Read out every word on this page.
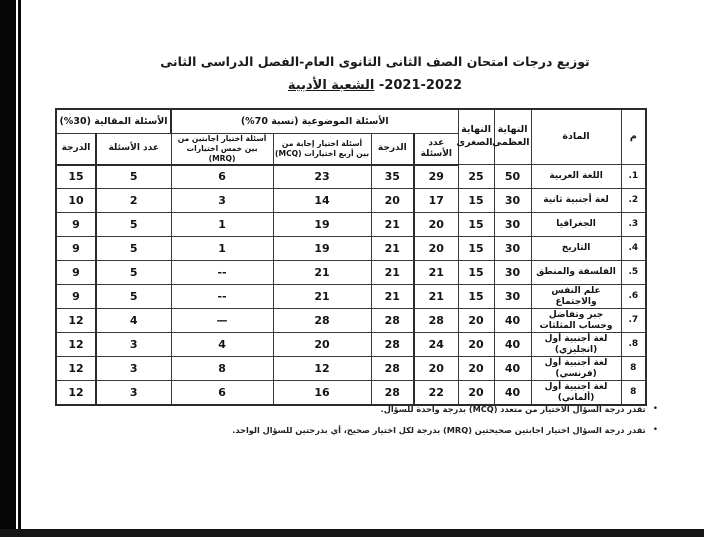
توزيع درجات امتحان الصف الثانى الثانوى العام-الفصل الدراسى الثانى
2021-2022- الشعبة الأدبية
م	المادة	النهاية العظمى	النهاية الصغرى	الأسئلة الموضوعية (نسبة 70%)				الأسئلة المقالية (30%)	
				عدد الأسئلة	الدرجة	أسئلة اختيار إجابة من بين أربع اختيارات (MCQ)	أسئلة اختيار اجابتين من بين خمس اختيارات (MRQ)	عدد الأسئلة	الدرجة
.1	اللغة العربية	50	25	29	35	23	6	5	15
.2	لغة أجنبية ثانية	30	15	17	20	14	3	2	10
.3	الجغرافيا	30	15	20	21	19	1	5	9
.4	التاريخ	30	15	20	21	19	1	5	9
.5	الفلسفة والمنطق	30	15	21	21	21	--	5	9
.6	علم النفس والاجتماع	30	15	21	21	21	--	5	9
.7	جبر وتفاضل وحساب المثلثات	40	20	28	28	28	—	4	12
.8	لغة أجنبية أول (انجليزي)	40	20	24	28	20	4	3	12
8	لغة أجنبية أول (فرنسي)	40	20	20	28	12	8	3	12
8	لغة اجنبية أول (ألماني)	40	20	22	28	16	6	3	12
•
تقدر درجة السؤال الاختيار من متعدد (MCQ) بدرجة واحدة للسؤال.
•
تقدر درجة السؤال اختيار اجابتين صحيحتين (MRQ) بدرجة لكل اختيار صحيح، أي بدرجتين للسؤال الواحد.
